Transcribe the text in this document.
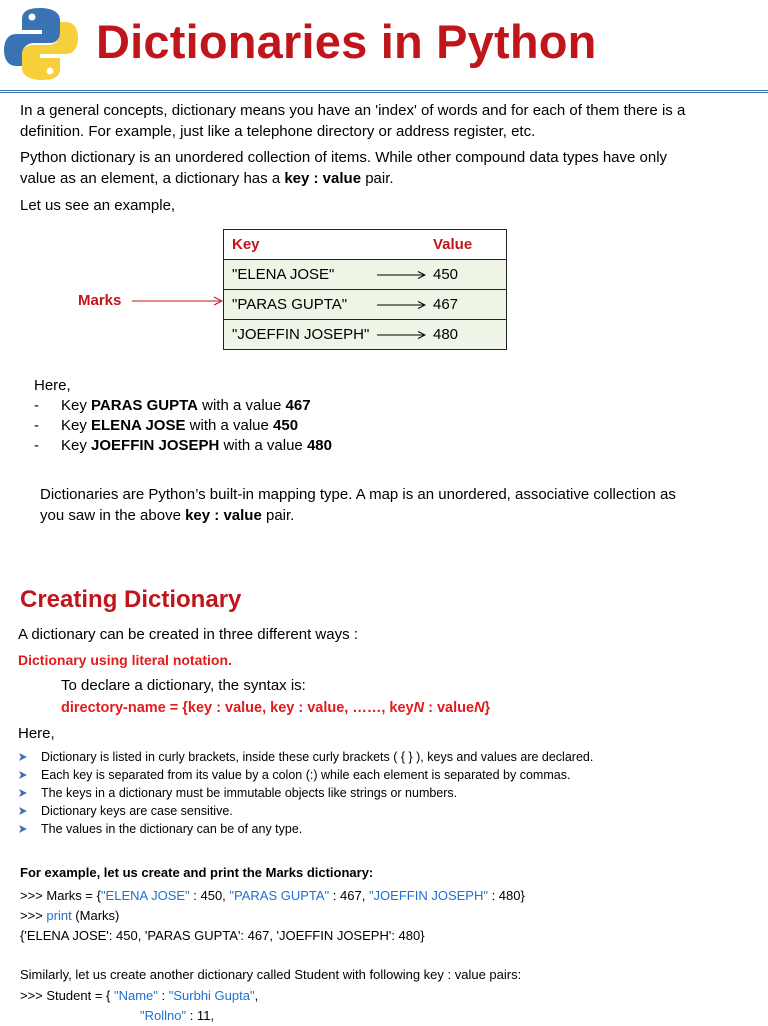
Dictionaries in Python
In a general concepts, dictionary means you have an 'index' of words and for each of them there is a
definition. For example, just like a telephone directory or address register, etc.
Python dictionary is an unordered collection of items. While other compound data types have only
value as an element, a dictionary has a key : value pair.
Let us see an example,
Marks
Key	Value
"ELENA JOSE"	450
"PARAS GUPTA"	467
"JOEFFIN JOSEPH"	480
Here,
- Key PARAS GUPTA with a value 467
- Key ELENA JOSE with a value 450
- Key JOEFFIN JOSEPH with a value 480
Dictionaries are Python’s built-in mapping type. A map is an unordered, associative collection as
you saw in the above key : value pair.
Creating Dictionary
A dictionary can be created in three different ways :
Dictionary using literal notation.
To declare a dictionary, the syntax is:
directory-name = {key : value, key : value, ……, keyN : valueN}
Here,
Dictionary is listed in curly brackets, inside these curly brackets ( { } ), keys and values are declared.
Each key is separated from its value by a colon (:) while each element is separated by commas.
The keys in a dictionary must be immutable objects like strings or numbers.
Dictionary keys are case sensitive.
The values in the dictionary can be of any type.
For example, let us create and print the Marks dictionary:
>>> Marks = {"ELENA JOSE" : 450, "PARAS GUPTA" : 467, "JOEFFIN JOSEPH" : 480}
>>> print (Marks)
{'ELENA JOSE': 450, 'PARAS GUPTA': 467, 'JOEFFIN JOSEPH': 480}
Similarly, let us create another dictionary called Student with following key : value pairs:
>>> Student = { "Name" : "Surbhi Gupta",
"Rollno" : 11,
